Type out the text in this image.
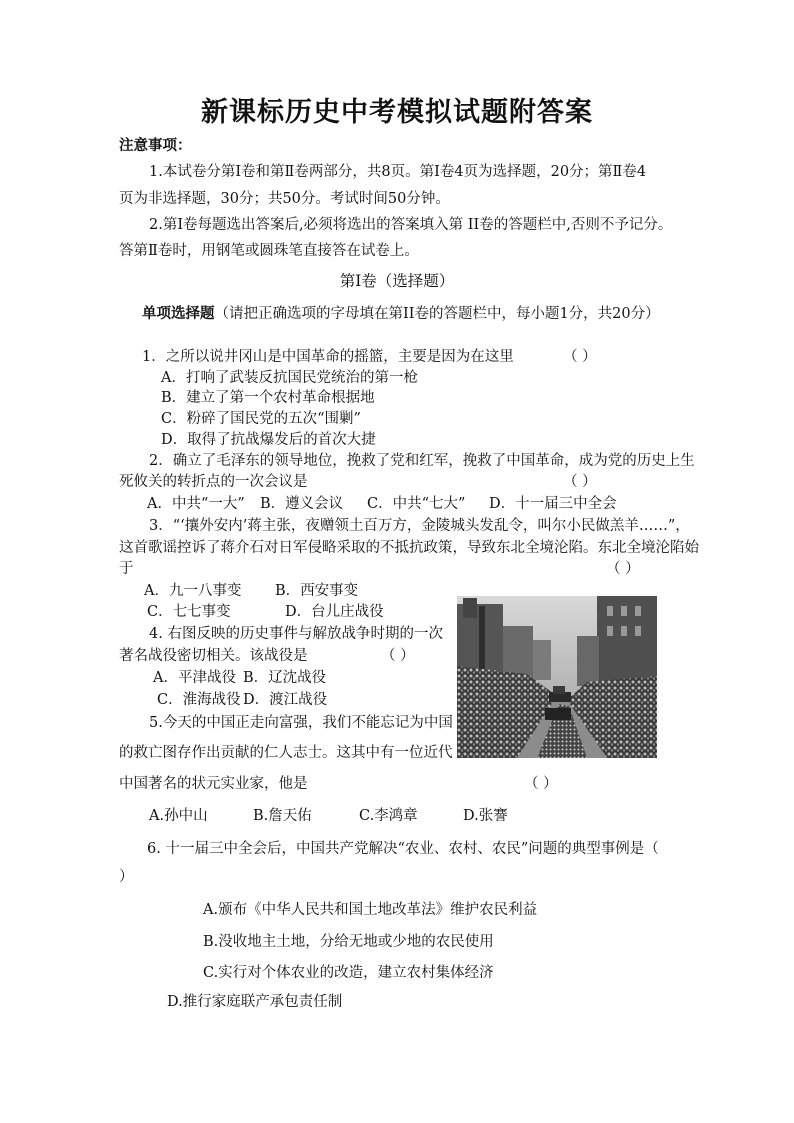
新课标历史中考模拟试题附答案
注意事项：
1.本试卷分第Ⅰ卷和第Ⅱ卷两部分，共8页。第Ⅰ卷4页为选择题，20分；第Ⅱ卷4
页为非选择题，30分；共50分。考试时间50分钟。
2.第Ⅰ卷每题选出答案后,必须将选出的答案填入第 II卷的答题栏中,否则不予记分。
答第Ⅱ卷时，用钢笔或圆珠笔直接答在试卷上。
第Ⅰ卷（选择题）
单项选择题（请把正确选项的字母填在第II卷的答题栏中，每小题1分，共20分）
1．之所以说井冈山是中国革命的摇篮，主要是因为在这里	（ ）
A．打响了武装反抗国民党统治的第一枪
B．建立了第一个农村革命根据地
C．粉碎了国民党的五次“围剿”
D．取得了抗战爆发后的首次大捷
2．确立了毛泽东的领导地位，挽救了党和红军，挽救了中国革命，成为党的历史上生
死攸关的转折点的一次会议是	（ ）
A．中共“一大” B．遵义会议 C．中共“七大” D．十一届三中全会
3．“‘攘外安内’蒋主张，夜赠领土百万方，金陵城头发乱令，叫尔小民做羔羊……”，
这首歌谣控诉了蒋介石对日军侵略采取的不抵抗政策，导致东北全境沦陷。东北全境沦陷始
于	（ ）
A．九一八事变 B．西安事变
C．七七事变	D．台儿庄战役
4. 右图反映的历史事件与解放战争时期的一次
著名战役密切相关。该战役是	（ ）
A．平津战役 B．辽沈战役
C．淮海战役 D．渡江战役
5.今天的中国正走向富强，我们不能忘记为中国
的救亡图存作出贡献的仁人志士。这其中有一位近代
中国著名的状元实业家，他是	（ ）
A.孙中山	B.詹天佑	C.李鸿章	D.张謇
6. 十一届三中全会后，中国共产党解决“农业、农村、农民”问题的典型事例是（
）
A.颁布《中华人民共和国土地改革法》维护农民利益
B.没收地主土地，分给无地或少地的农民使用
C.实行对个体农业的改造，建立农村集体经济
D.推行家庭联产承包责任制
